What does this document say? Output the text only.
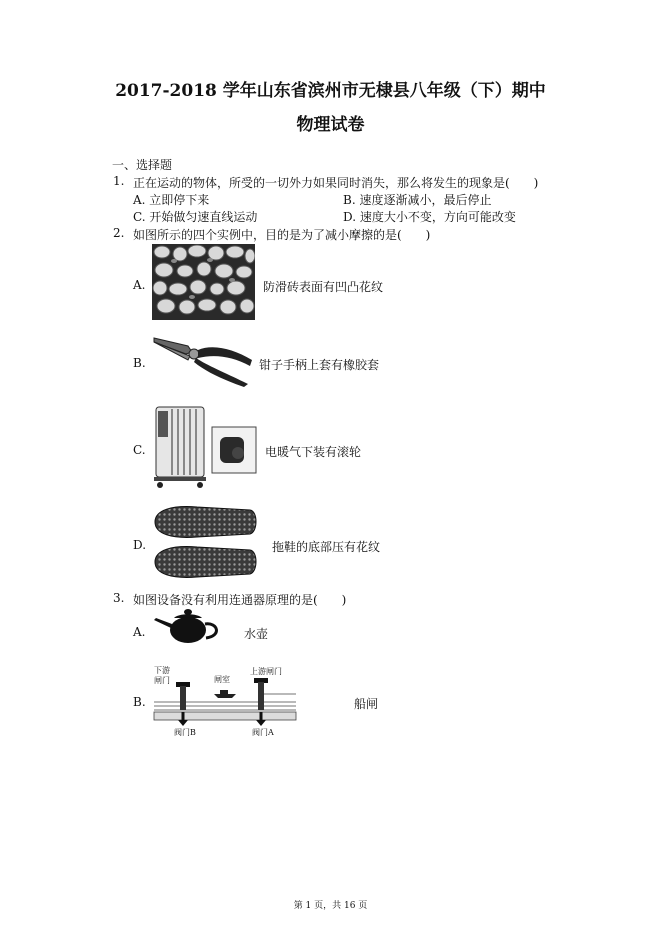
2017-2018 学年山东省滨州市无棣县八年级（下）期中
物理试卷
一、选择题
1. 正在运动的物体，所受的一切外力如果同时消失，那么将发生的现象是(　　)
A. 立即停下来	B. 速度逐渐减小，最后停止
C. 开始做匀速直线运动	D. 速度大小不变，方向可能改变
2. 如图所示的四个实例中，目的是为了减小摩擦的是(　　)
A.	防滑砖表面有凹凸花纹
B.	钳子手柄上套有橡胶套
C.	电暖气下装有滚轮
D.	拖鞋的底部压有花纹
3. 如图设备没有利用连通器原理的是(　　)
A.	水壶
B.
下游
闸门	闸室
上游闸门
阀门B	阀门A
船闸
第 1 页，共 16 页
